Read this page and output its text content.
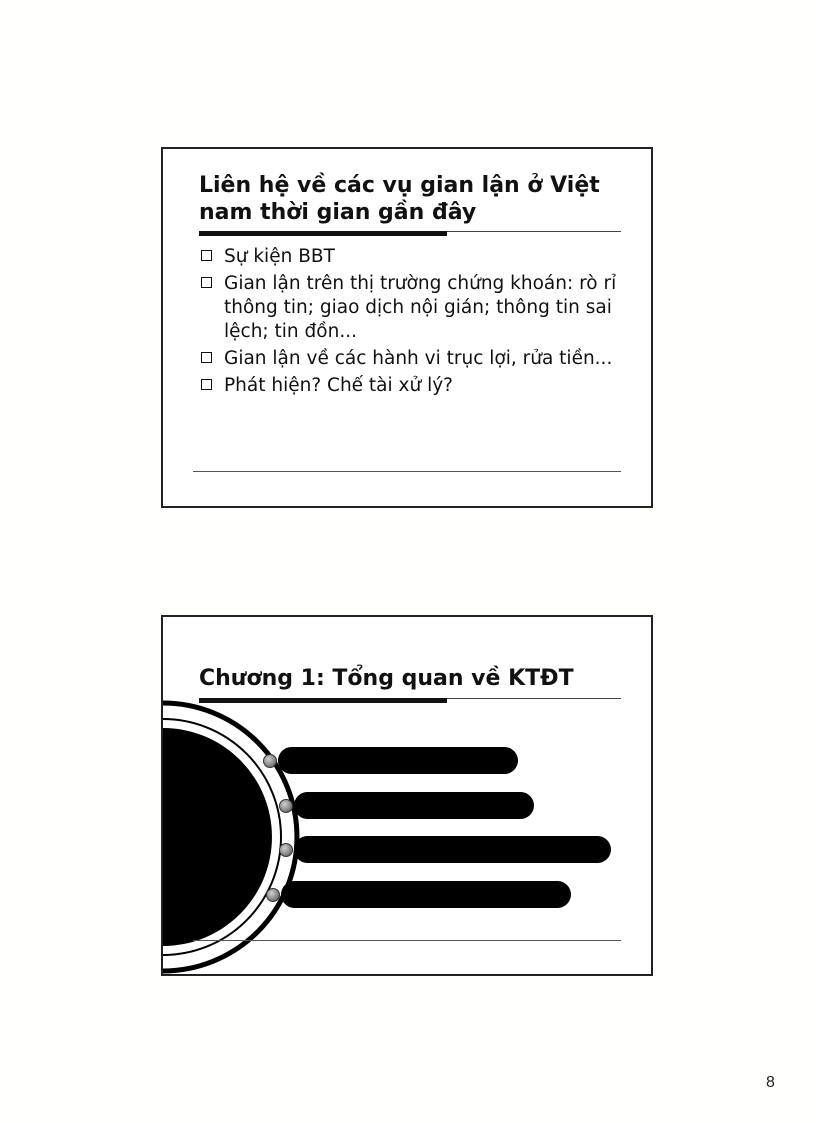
Liên hệ về các vụ gian lận ở Việt nam thời gian gần đây
Sự kiện BBT
Gian lận trên thị trường chứng khoán: rò rỉ thông tin; giao dịch nội gián; thông tin sai lệch; tin đồn...
Gian lận về các hành vi trục lợi, rửa tiền...
Phát hiện? Chế tài xử lý?
Chương 1: Tổng quan về KTĐT
8
